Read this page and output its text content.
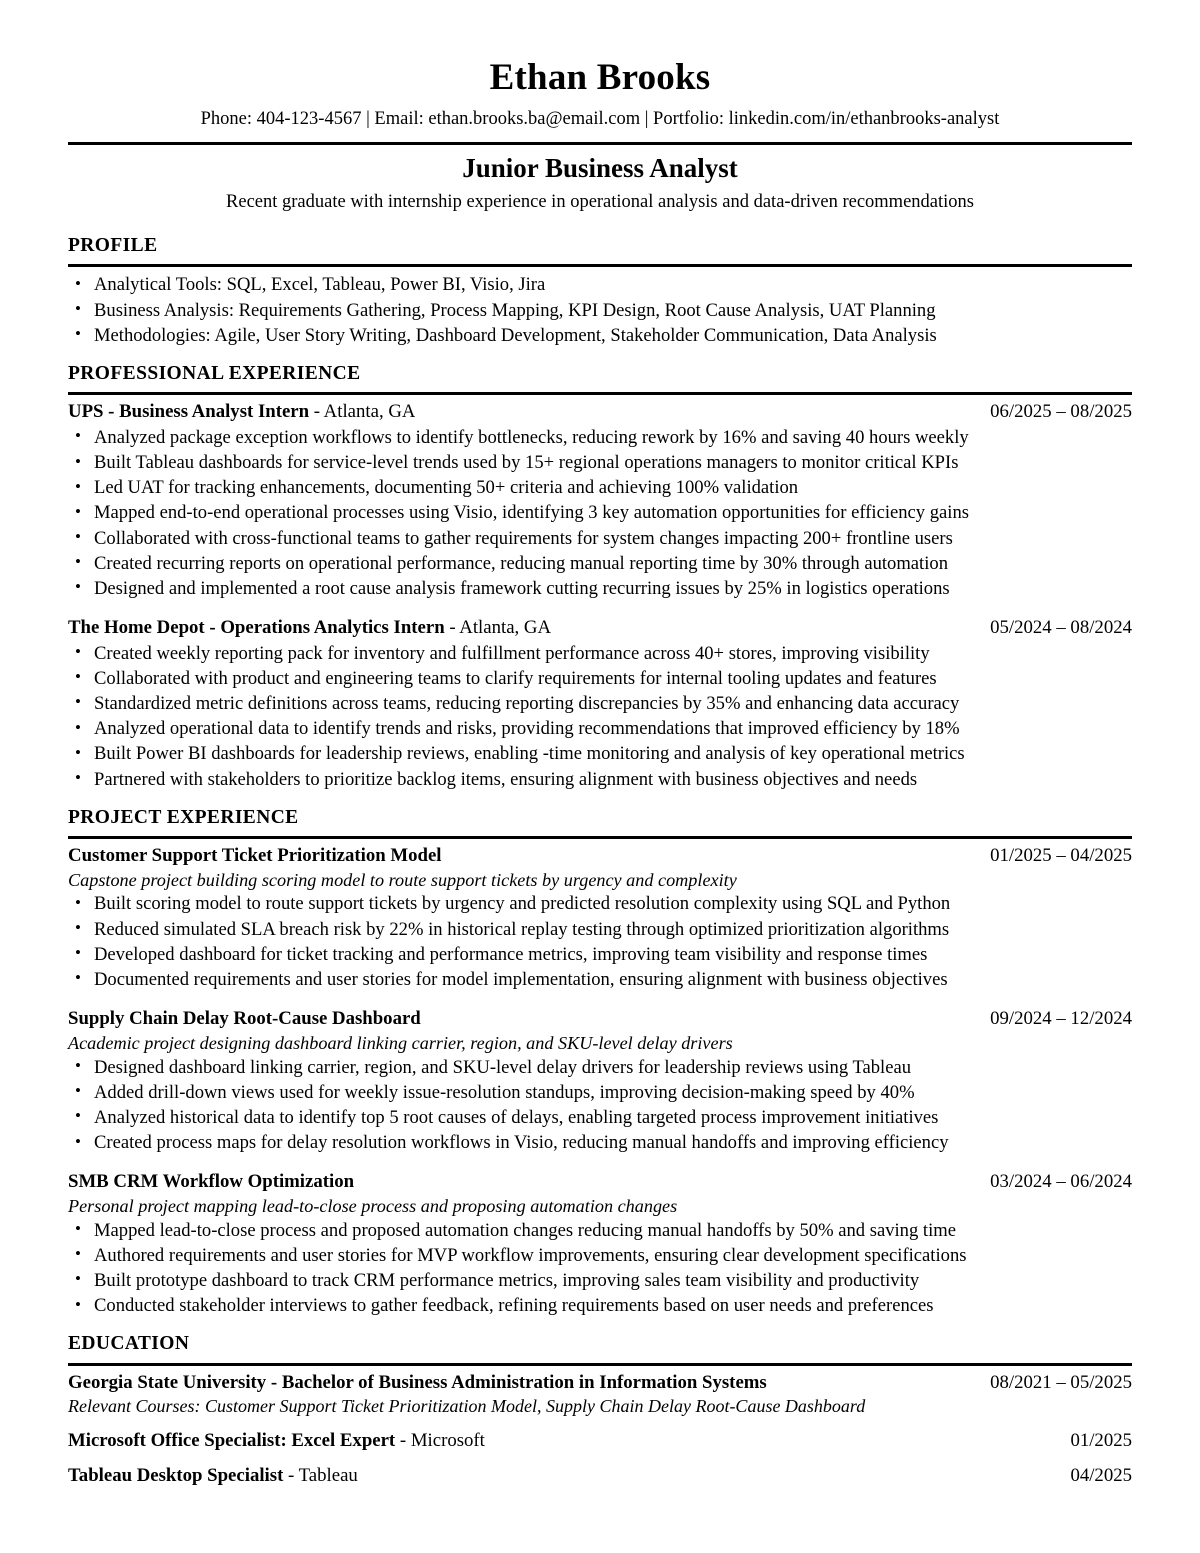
Ethan Brooks
Phone: 404-123-4567 | Email: ethan.brooks.ba@email.com | Portfolio: linkedin.com/in/ethanbrooks-analyst
Junior Business Analyst
Recent graduate with internship experience in operational analysis and data-driven recommendations
PROFILE
• Analytical Tools: SQL, Excel, Tableau, Power BI, Visio, Jira
• Business Analysis: Requirements Gathering, Process Mapping, KPI Design, Root Cause Analysis, UAT Planning
• Methodologies: Agile, User Story Writing, Dashboard Development, Stakeholder Communication, Data Analysis
PROFESSIONAL EXPERIENCE
UPS - Business Analyst Intern - Atlanta, GA	06/2025 – 08/2025
• Analyzed package exception workflows to identify bottlenecks, reducing rework by 16% and saving 40 hours weekly
• Built Tableau dashboards for service-level trends used by 15+ regional operations managers to monitor critical KPIs
• Led UAT for tracking enhancements, documenting 50+ criteria and achieving 100% validation
• Mapped end-to-end operational processes using Visio, identifying 3 key automation opportunities for efficiency gains
• Collaborated with cross-functional teams to gather requirements for system changes impacting 200+ frontline users
• Created recurring reports on operational performance, reducing manual reporting time by 30% through automation
• Designed and implemented a root cause analysis framework cutting recurring issues by 25% in logistics operations
The Home Depot - Operations Analytics Intern - Atlanta, GA	05/2024 – 08/2024
• Created weekly reporting pack for inventory and fulfillment performance across 40+ stores, improving visibility
• Collaborated with product and engineering teams to clarify requirements for internal tooling updates and features
• Standardized metric definitions across teams, reducing reporting discrepancies by 35% and enhancing data accuracy
• Analyzed operational data to identify trends and risks, providing recommendations that improved efficiency by 18%
• Built Power BI dashboards for leadership reviews, enabling -time monitoring and analysis of key operational metrics
• Partnered with stakeholders to prioritize backlog items, ensuring alignment with business objectives and needs
PROJECT EXPERIENCE
Customer Support Ticket Prioritization Model	01/2025 – 04/2025
Capstone project building scoring model to route support tickets by urgency and complexity
• Built scoring model to route support tickets by urgency and predicted resolution complexity using SQL and Python
• Reduced simulated SLA breach risk by 22% in historical replay testing through optimized prioritization algorithms
• Developed dashboard for ticket tracking and performance metrics, improving team visibility and response times
• Documented requirements and user stories for model implementation, ensuring alignment with business objectives
Supply Chain Delay Root-Cause Dashboard	09/2024 – 12/2024
Academic project designing dashboard linking carrier, region, and SKU-level delay drivers
• Designed dashboard linking carrier, region, and SKU-level delay drivers for leadership reviews using Tableau
• Added drill-down views used for weekly issue-resolution standups, improving decision-making speed by 40%
• Analyzed historical data to identify top 5 root causes of delays, enabling targeted process improvement initiatives
• Created process maps for delay resolution workflows in Visio, reducing manual handoffs and improving efficiency
SMB CRM Workflow Optimization	03/2024 – 06/2024
Personal project mapping lead-to-close process and proposing automation changes
• Mapped lead-to-close process and proposed automation changes reducing manual handoffs by 50% and saving time
• Authored requirements and user stories for MVP workflow improvements, ensuring clear development specifications
• Built prototype dashboard to track CRM performance metrics, improving sales team visibility and productivity
• Conducted stakeholder interviews to gather feedback, refining requirements based on user needs and preferences
EDUCATION
Georgia State University - Bachelor of Business Administration in Information Systems	08/2021 – 05/2025
Relevant Courses: Customer Support Ticket Prioritization Model, Supply Chain Delay Root-Cause Dashboard
Microsoft Office Specialist: Excel Expert - Microsoft	01/2025
Tableau Desktop Specialist - Tableau	04/2025
